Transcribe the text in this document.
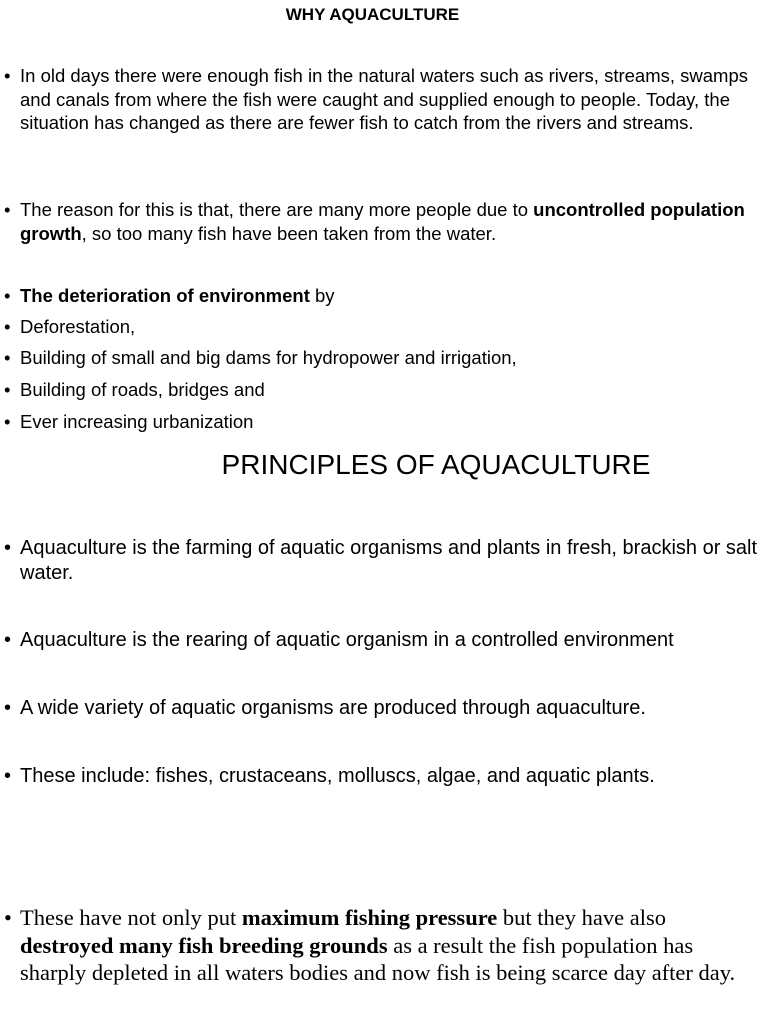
WHY AQUACULTURE
• In old days there were enough fish in the natural waters such as rivers, streams, swamps and canals from where the fish were caught and supplied enough to people. Today, the situation has changed as there are fewer fish to catch from the rivers and streams.
• The reason for this is that, there are many more people due to uncontrolled population growth, so too many fish have been taken from the water.
• The deterioration of environment by
• Deforestation,
• Building of small and big dams for hydropower and irrigation,
• Building of roads, bridges and
• Ever increasing urbanization
PRINCIPLES OF AQUACULTURE
• Aquaculture is the farming of aquatic organisms and plants in fresh, brackish or salt water.
• Aquaculture is the rearing of aquatic organism in a controlled environment
• A wide variety of aquatic organisms are produced through aquaculture.
• These include: fishes, crustaceans, molluscs, algae, and aquatic plants.
• These have not only put maximum fishing pressure but they have also destroyed many fish breeding grounds as a result the fish population has sharply depleted in all waters bodies and now fish is being scarce day after day.
